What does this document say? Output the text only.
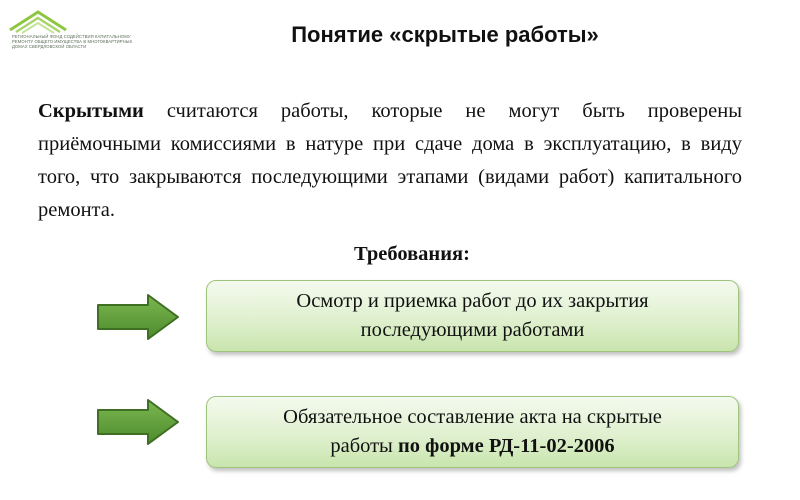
РЕГИОНАЛЬНЫЙ ФОНД СОДЕЙСТВИЯ КАПИТАЛЬНОМУ
РЕМОНТУ ОБЩЕГО ИМУЩЕСТВА В МНОГОКВАРТИРНЫХ
ДОМАХ СВЕРДЛОВСКОЙ ОБЛАСТИ	Понятие «скрытые работы»
Скрытыми считаются работы, которые не могут быть проверены приёмочными комиссиями в натуре при сдаче дома в эксплуатацию, в виду того, что закрываются последующими этапами (видами работ) капитального ремонта.
Требования:
Осмотр и приемка работ до их закрытия
последующими работами
Обязательное составление акта на скрытые
работы по форме РД-11-02-2006
